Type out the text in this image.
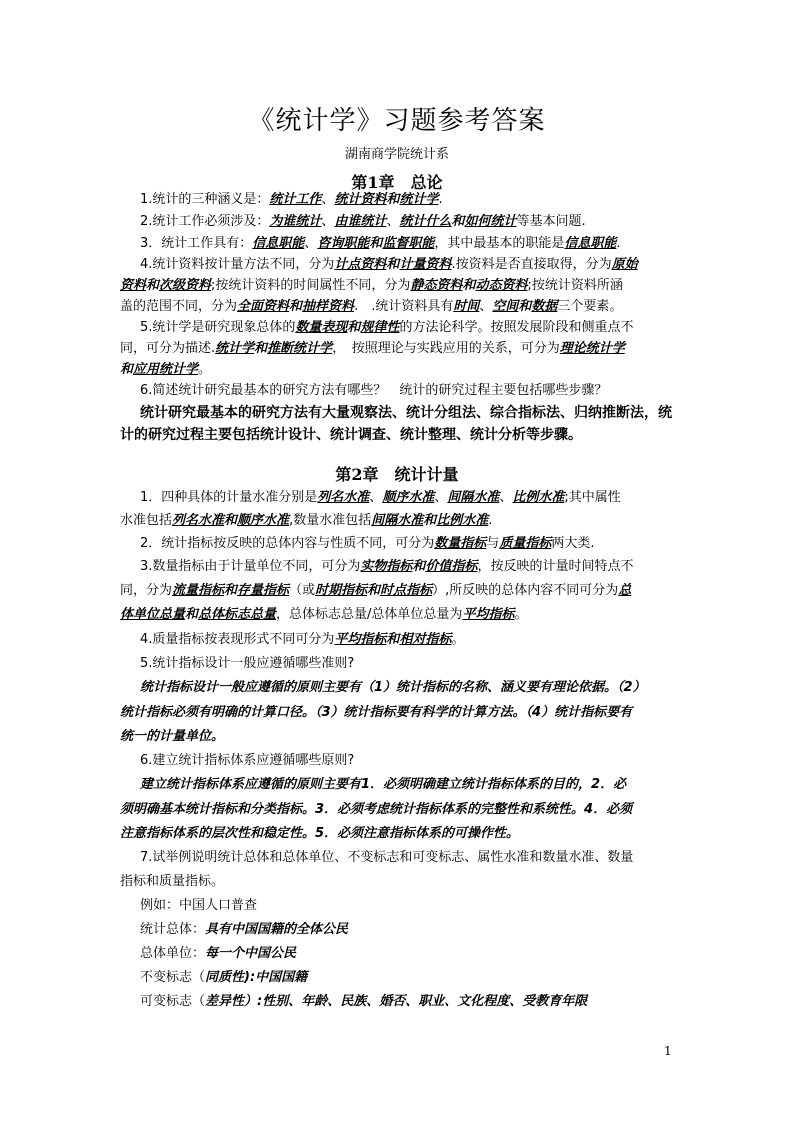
《统计学》习题参考答案
湖南商学院统计系
第1章　总论
1.统计的三种涵义是：统计工作、统计资料和统计学.
2.统计工作必须涉及：为谁统计、由谁统计、统计什么和如何统计等基本问题.
3．统计工作具有：信息职能、咨询职能和监督职能，其中最基本的职能是信息职能.
4.统计资料按计量方法不同，分为计点资料和计量资料.按资料是否直接取得，分为原始
资料和次级资料;按统计资料的时间属性不同，分为静态资料和动态资料;按统计资料所涵
盖的范围不同，分为全面资料和抽样资料.　.统计资料具有时间、空间和数据三个要素。
5.统计学是研究现象总体的数量表现和规律性的方法论科学。按照发展阶段和侧重点不
同，可分为描述.统计学和推断统计学，　按照理论与实践应用的关系，可分为理论统计学
和应用统计学。
6.简述统计研究最基本的研究方法有哪些？　统计的研究过程主要包括哪些步骤？
统计研究最基本的研究方法有大量观察法、统计分组法、综合指标法、归纳推断法，统
计的研究过程主要包括统计设计、统计调查、统计整理、统计分析等步骤。
第2章　统计计量
1．四种具体的计量水准分别是列名水准、顺序水准、间隔水准、比例水准;其中属性
水准包括列名水准和顺序水准,数量水准包括间隔水准和比例水准.
2．统计指标按反映的总体内容与性质不同，可分为数量指标与质量指标两大类.
3.数量指标由于计量单位不同，可分为实物指标和价值指标，按反映的计量时间特点不
同，分为流量指标和存量指标（或时期指标和时点指标）,所反映的总体内容不同可分为总
体单位总量和总体标志总量，总体标志总量/总体单位总量为平均指标。
4.质量指标按表现形式不同可分为平均指标和相对指标。
5.统计指标设计一般应遵循哪些准则?
统计指标设计一般应遵循的原则主要有（1）统计指标的名称、涵义要有理论依据。（2）
统计指标必须有明确的计算口径。（3）统计指标要有科学的计算方法。（4）统计指标要有
统一的计量单位。
6.建立统计指标体系应遵循哪些原则?
建立统计指标体系应遵循的原则主要有1．必须明确建立统计指标体系的目的，2．必
须明确基本统计指标和分类指标。3．必须考虑统计指标体系的完整性和系统性。4．必须
注意指标体系的层次性和稳定性。5．必须注意指标体系的可操作性。
7.试举例说明统计总体和总体单位、不变标志和可变标志、属性水准和数量水准、数量
指标和质量指标。
例如：中国人口普查
统计总体：具有中国国籍的全体公民
总体单位：每一个中国公民
不变标志（同质性):中国国籍
可变标志（差异性）:性别、年龄、民族、婚否、职业、文化程度、受教育年限
1
